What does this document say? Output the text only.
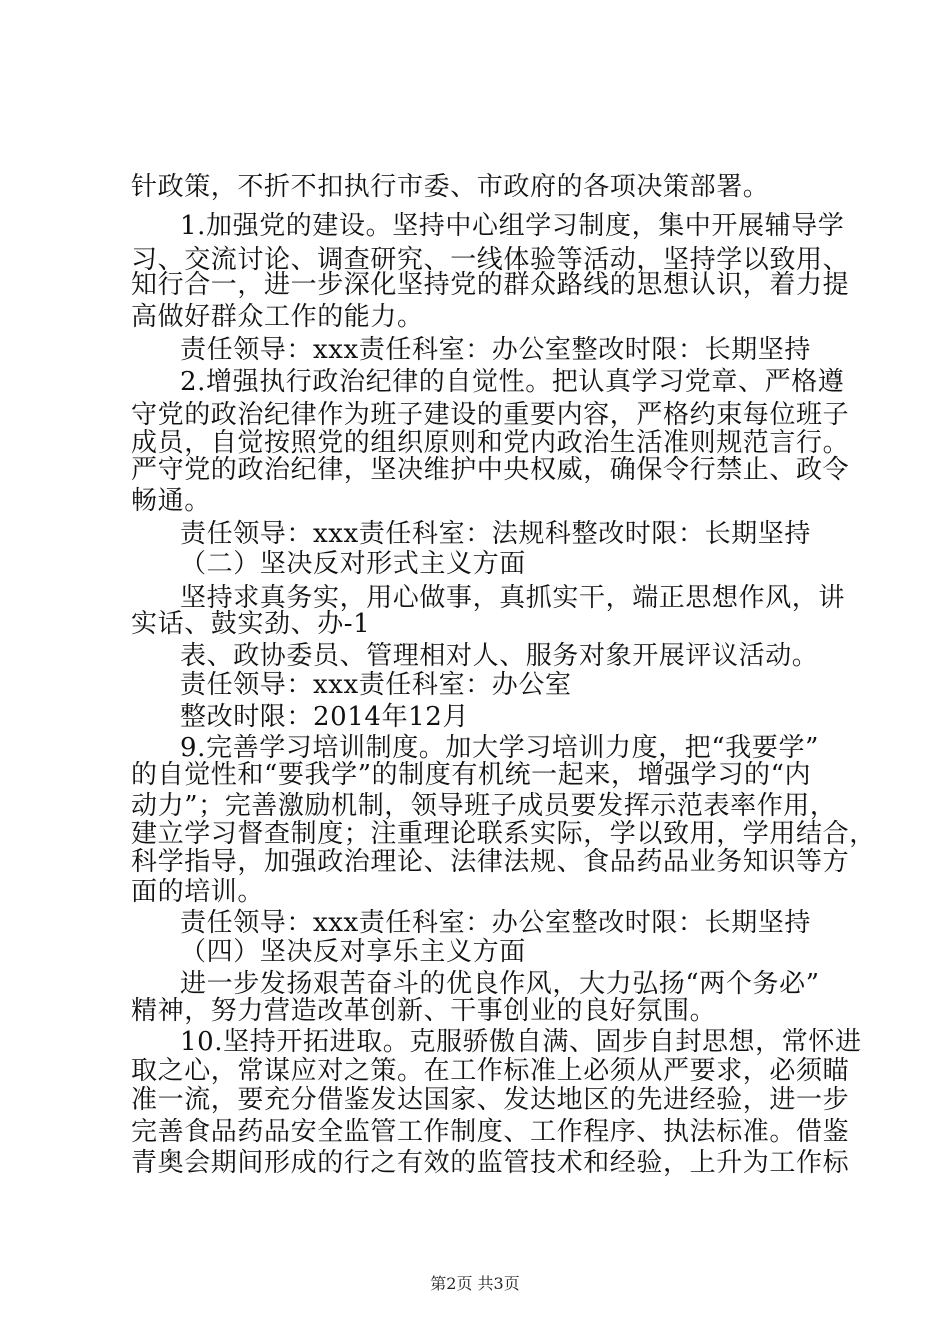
针政策，不折不扣执行市委、市政府的各项决策部署。
1.加强党的建设。坚持中心组学习制度，集中开展辅导学
习、交流讨论、调查研究、一线体验等活动，坚持学以致用、
知行合一，进一步深化坚持党的群众路线的思想认识，着力提
高做好群众工作的能力。
责任领导：xxx责任科室：办公室整改时限：长期坚持
2.增强执行政治纪律的自觉性。把认真学习党章、严格遵
守党的政治纪律作为班子建设的重要内容，严格约束每位班子
成员，自觉按照党的组织原则和党内政治生活准则规范言行。
严守党的政治纪律，坚决维护中央权威，确保令行禁止、政令
畅通。
责任领导：xxx责任科室：法规科整改时限：长期坚持
（二）坚决反对形式主义方面
坚持求真务实，用心做事，真抓实干，端正思想作风，讲
实话、鼓实劲、办-1
表、政协委员、管理相对人、服务对象开展评议活动。
责任领导：xxx责任科室：办公室
整改时限：2014年12月
9.完善学习培训制度。加大学习培训力度，把“我要学”
的自觉性和“要我学”的制度有机统一起来，增强学习的“内
动力”；完善激励机制，领导班子成员要发挥示范表率作用，
建立学习督查制度；注重理论联系实际，学以致用，学用结合，
科学指导，加强政治理论、法律法规、食品药品业务知识等方
面的培训。
责任领导：xxx责任科室：办公室整改时限：长期坚持
（四）坚决反对享乐主义方面
进一步发扬艰苦奋斗的优良作风，大力弘扬“两个务必”
精神，努力营造改革创新、干事创业的良好氛围。
10.坚持开拓进取。克服骄傲自满、固步自封思想，常怀进
取之心，常谋应对之策。在工作标准上必须从严要求，必须瞄
准一流，要充分借鉴发达国家、发达地区的先进经验，进一步
完善食品药品安全监管工作制度、工作程序、执法标准。借鉴
青奥会期间形成的行之有效的监管技术和经验，上升为工作标
第2页 共3页
